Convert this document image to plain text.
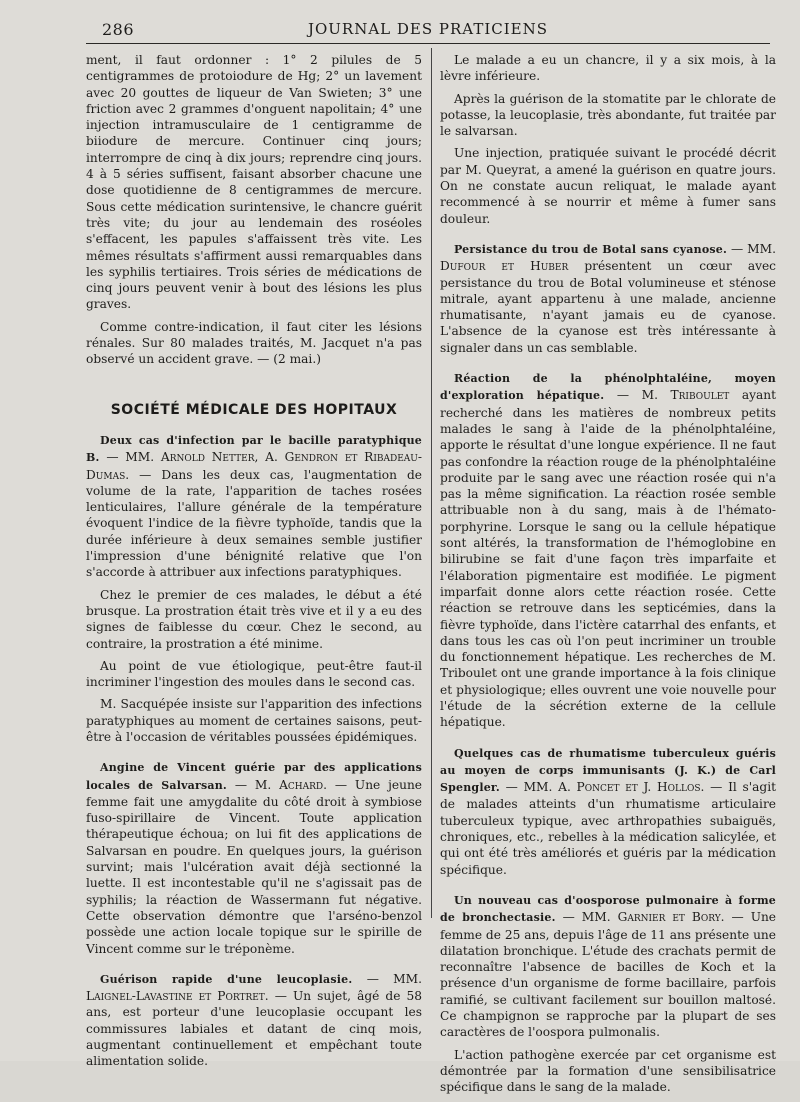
286	JOURNAL DES PRATICIENS

ment, il faut ordonner : 1° 2 pilules de 5 centigrammes de protoiodure de Hg; 2° un lavement avec 20 gouttes de liqueur de Van Swieten; 3° une friction avec 2 grammes d'onguent napolitain; 4° une injection intramusculaire de 1 centigramme de biiodure de mercure. Continuer cinq jours; interrompre de cinq à dix jours; reprendre cinq jours. 4 à 5 séries suffisent, faisant absorber chacune une dose quotidienne de 8 centigrammes de mercure. Sous cette médication surintensive, le chancre guérit très vite; du jour au lendemain des roséoles s'effacent, les papules s'affaissent très vite. Les mêmes résultats s'affirment aussi remarquables dans les syphilis tertiaires. Trois séries de médications de cinq jours peuvent venir à bout des lésions les plus graves.

Comme contre-indication, il faut citer les lésions rénales. Sur 80 malades traités, M. Jacquet n'a pas observé un accident grave. — (2 mai.)

SOCIÉTÉ MÉDICALE DES HOPITAUX

Deux cas d'infection par le bacille paratyphique B. — MM. Arnold Netter, A. Gendron et Ribadeau-Dumas. — Dans les deux cas, l'augmentation de volume de la rate, l'apparition de taches rosées lenticulaires, l'allure générale de la température évoquent l'indice de la fièvre typhoïde, tandis que la durée inférieure à deux semaines semble justifier l'impression d'une bénignité relative que l'on s'accorde à attribuer aux infections paratyphiques.

Chez le premier de ces malades, le début a été brusque. La prostration était très vive et il y a eu des signes de faiblesse du cœur. Chez le second, au contraire, la prostration a été minime.

Au point de vue étiologique, peut-être faut-il incriminer l'ingestion des moules dans le second cas.

M. Sacquépée insiste sur l'apparition des infections paratyphiques au moment de certaines saisons, peut-être à l'occasion de véritables poussées épidémiques.

Angine de Vincent guérie par des applications locales de Salvarsan. — M. Achard. — Une jeune femme fait une amygdalite du côté droit à symbiose fuso-spirillaire de Vincent. Toute application thérapeutique échoua; on lui fit des applications de Salvarsan en poudre. En quelques jours, la guérison survint; mais l'ulcération avait déjà sectionné la luette. Il est incontestable qu'il ne s'agissait pas de syphilis; la réaction de Wassermann fut négative. Cette observation démontre que l'arséno-benzol possède une action locale topique sur le spirille de Vincent comme sur le tréponème.

Guérison rapide d'une leucoplasie. — MM. Laignel-Lavastine et Portret. — Un sujet, âgé de 58 ans, est porteur d'une leucoplasie occupant les commissures labiales et datant de cinq mois, augmentant continuellement et empêchant toute alimentation solide.

Le malade a eu un chancre, il y a six mois, à la lèvre inférieure.

Après la guérison de la stomatite par le chlorate de potasse, la leucoplasie, très abondante, fut traitée par le salvarsan.

Une injection, pratiquée suivant le procédé décrit par M. Queyrat, a amené la guérison en quatre jours. On ne constate aucun reliquat, le malade ayant recommencé à se nourrir et même à fumer sans douleur.

Persistance du trou de Botal sans cyanose. — MM. Dufour et Huber présentent un cœur avec persistance du trou de Botal volumineuse et sténose mitrale, ayant appartenu à une malade, ancienne rhumatisante, n'ayant jamais eu de cyanose. L'absence de la cyanose est très intéressante à signaler dans un cas semblable.

Réaction de la phénolphtaléine, moyen d'exploration hépatique. — M. Triboulet ayant recherché dans les matières de nombreux petits malades le sang à l'aide de la phénolphtaléine, apporte le résultat d'une longue expérience. Il ne faut pas confondre la réaction rouge de la phénolphtaléine produite par le sang avec une réaction rosée qui n'a pas la même signification. La réaction rosée semble attribuable non à du sang, mais à de l'hémato-porphyrine. Lorsque le sang ou la cellule hépatique sont altérés, la transformation de l'hémoglobine en bilirubine se fait d'une façon très imparfaite et l'élaboration pigmentaire est modifiée. Le pigment imparfait donne alors cette réaction rosée. Cette réaction se retrouve dans les septicémies, dans la fièvre typhoïde, dans l'ictère catarrhal des enfants, et dans tous les cas où l'on peut incriminer un trouble du fonctionnement hépatique. Les recherches de M. Triboulet ont une grande importance à la fois clinique et physiologique; elles ouvrent une voie nouvelle pour l'étude de la sécrétion externe de la cellule hépatique.

Quelques cas de rhumatisme tuberculeux guéris au moyen de corps immunisants (J. K.) de Carl Spengler. — MM. A. Poncet et J. Hollos. — Il s'agit de malades atteints d'un rhumatisme articulaire tuberculeux typique, avec arthropathies subaiguës, chroniques, etc., rebelles à la médication salicylée, et qui ont été très améliorés et guéris par la médication spécifique.

Un nouveau cas d'oosporose pulmonaire à forme de bronchectasie. — MM. Garnier et Bory. — Une femme de 25 ans, depuis l'âge de 11 ans présente une dilatation bronchique. L'étude des crachats permit de reconnaître l'absence de bacilles de Koch et la présence d'un organisme de forme bacillaire, parfois ramifié, se cultivant facilement sur bouillon maltosé. Ce champignon se rapproche par la plupart de ses caractères de l'oospora pulmonalis.

L'action pathogène exercée par cet organisme est démontrée par la formation d'une sensibilisatrice spécifique dans le sang de la malade.
